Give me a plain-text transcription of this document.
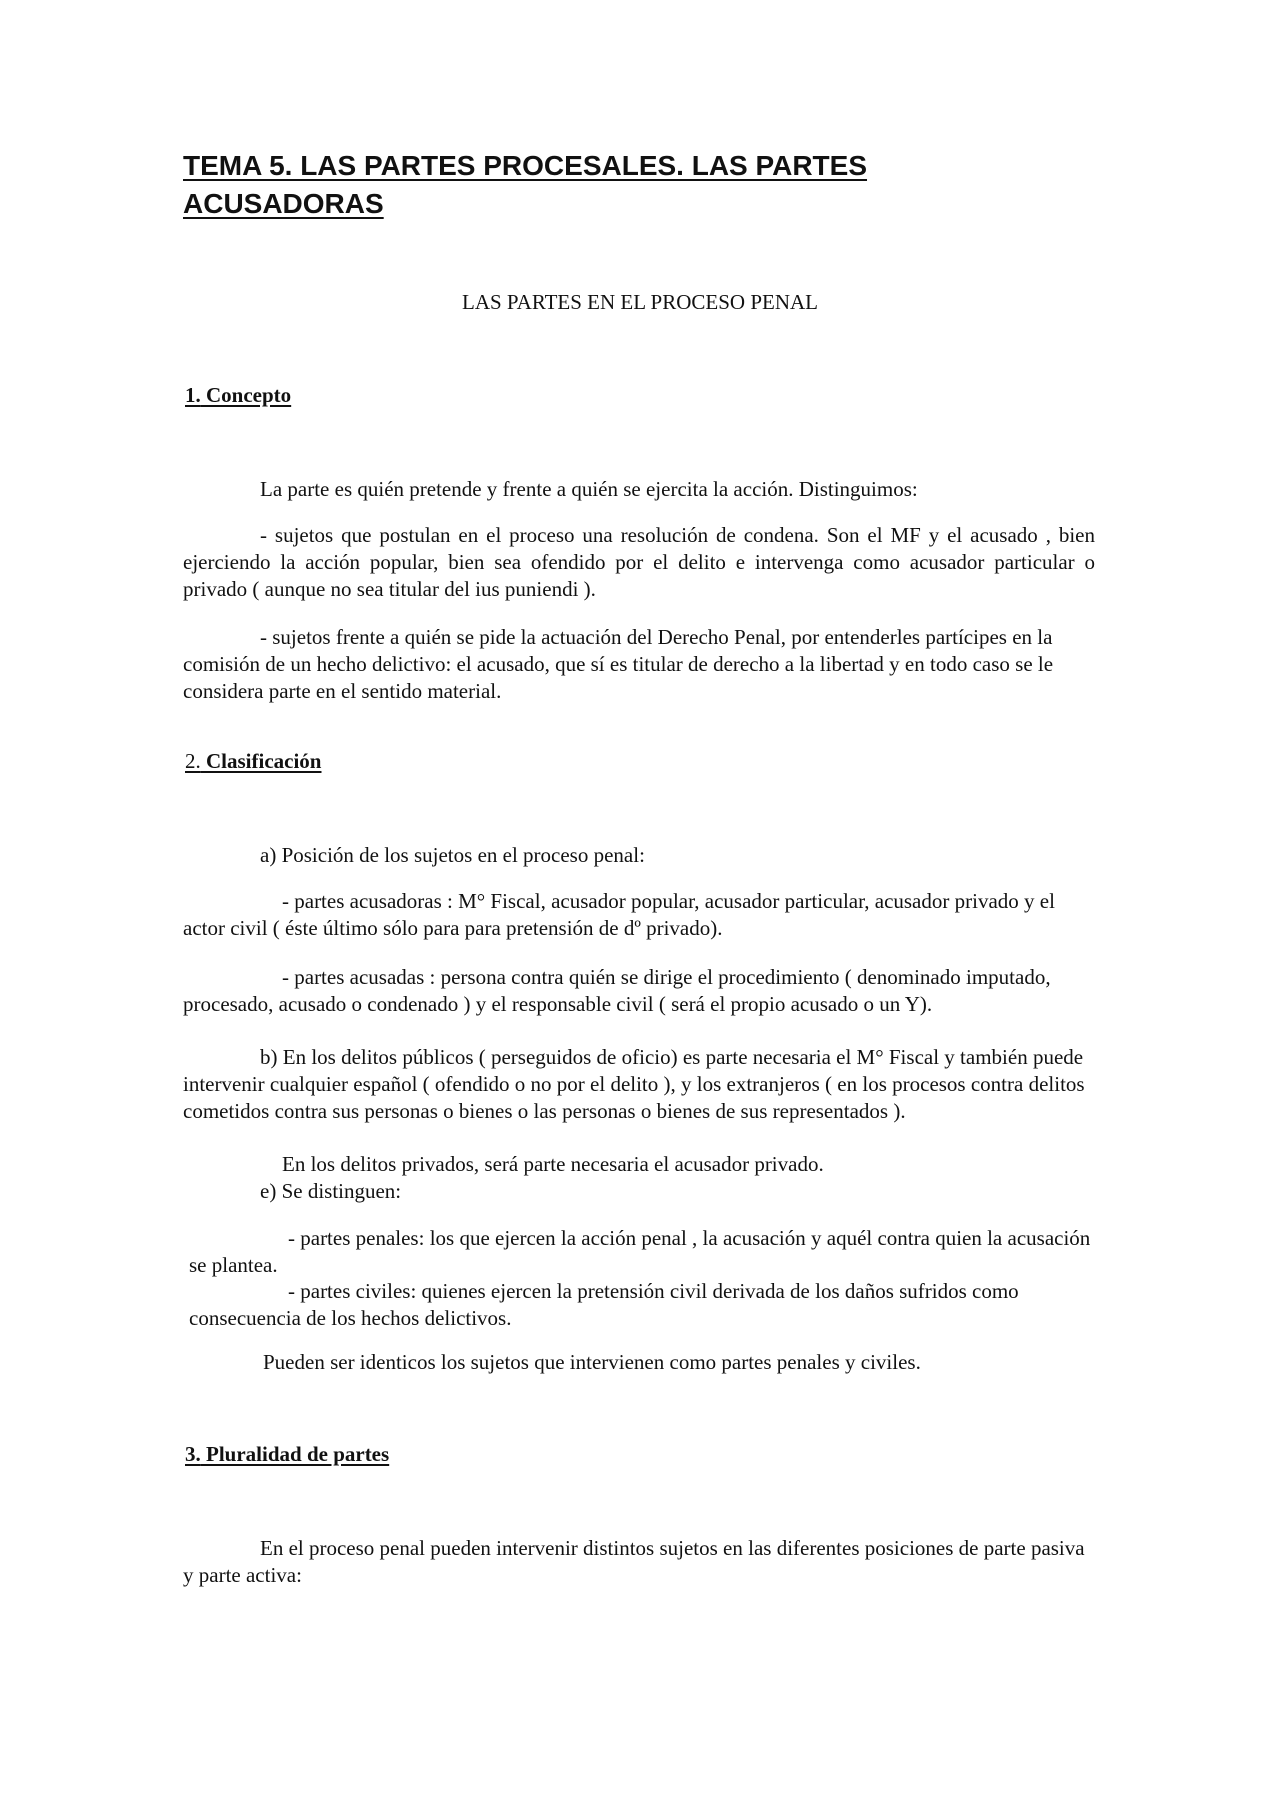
TEMA 5. LAS PARTES PROCESALES. LAS PARTES
ACUSADORAS
LAS PARTES EN EL PROCESO PENAL
1. Concepto

La parte es quién pretende y frente a quién se ejercita la acción. Distinguimos:

- sujetos que postulan en el proceso una resolución de condena. Son el MF y el acusado , bien ejerciendo la acción popular, bien sea ofendido por el delito e intervenga como acusador particular o privado ( aunque no sea titular del ius puniendi ).

- sujetos frente a quién se pide la actuación del Derecho Penal, por entenderles partícipes en la comisión de un hecho delictivo: el acusado, que sí es titular de derecho a la libertad y en todo caso se le considera parte en el sentido material.

2. Clasificación

a) Posición de los sujetos en el proceso penal:

- partes acusadoras : M° Fiscal, acusador popular, acusador particular, acusador privado y el actor civil ( éste último sólo para para pretensión de dº privado).

- partes acusadas : persona contra quién se dirige el procedimiento ( denominado imputado, procesado, acusado o condenado ) y el responsable civil ( será el propio acusado o un Y).

b) En los delitos públicos ( perseguidos de oficio) es parte necesaria el M° Fiscal y también puede intervenir cualquier español ( ofendido o no por el delito ), y los extranjeros ( en los procesos contra delitos cometidos contra sus personas o bienes o las personas o bienes de sus representados ).

En los delitos privados, será parte necesaria el acusador privado.

e) Se distinguen:

- partes penales: los que ejercen la acción penal , la acusación y aquél contra quien la acusación se plantea.

- partes civiles: quienes ejercen la pretensión civil derivada de los daños sufridos como consecuencia de los hechos delictivos.

Pueden ser identicos los sujetos que intervienen como partes penales y civiles.

3. Pluralidad de partes

En el proceso penal pueden intervenir distintos sujetos en las diferentes posiciones de parte pasiva y parte activa:
